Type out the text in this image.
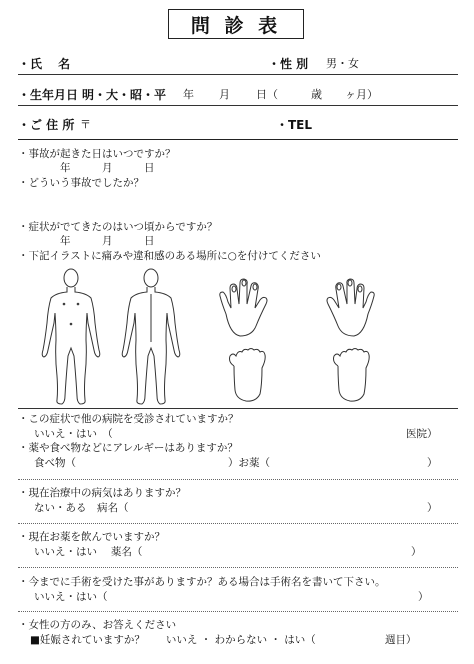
問 診 表
・氏　 名	・性 別 男・女
・生年月日 明・大・昭・平 年 月 日（	歳 ヶ月）
・ご 住 所 〒	・TEL
・事故が起きた日はいつですか？
年　　　月　　　日
・どういう事故でしたか？
・症状がでてきたのはいつ頃からですか？
年　　　月　　　日
・下記イラストに痛みや違和感のある場所に○を付けてください
・この症状で他の病院を受診されていますか？
いいえ・はい　（	医院）
・薬や食べ物などにアレルギーはありますか？
食べ物（	）お薬（	）
・現在治療中の病気はありますか？
ない・ある　病名（	）
・現在お薬を飲んでいますか？
いいえ・はい　 薬名（	）
・今までに手術を受けた事がありますか？ある場合は手術名を書いて下さい。
いいえ・はい（	）
・女性の方のみ、お答えください
■妊娠されていますか？　　いいえ ・ わからない ・ はい（	週目）
